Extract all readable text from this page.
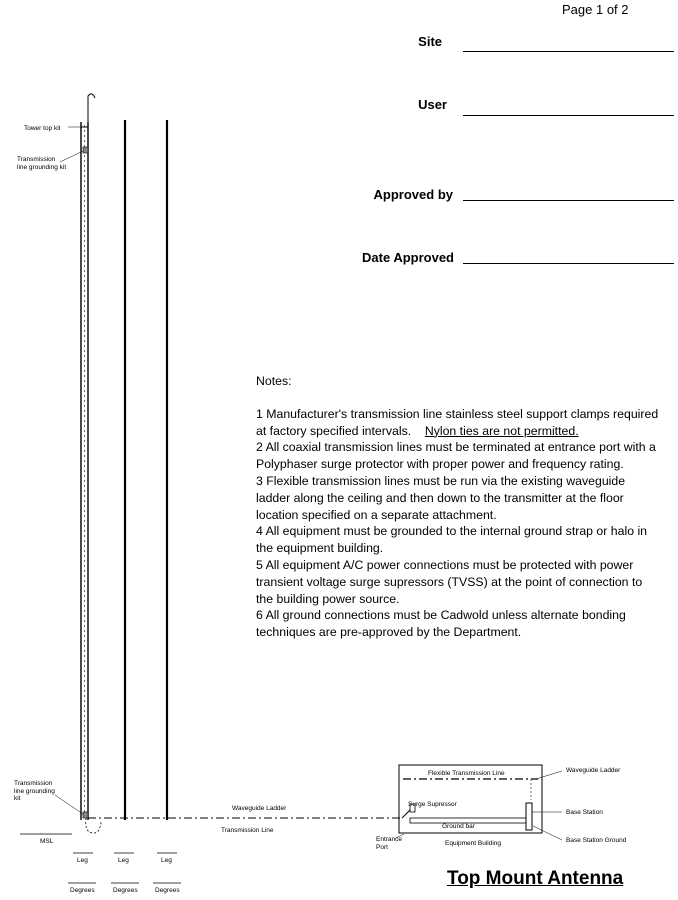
Page 1 of 2
Site
User
Approved by
Date Approved
Tower top kit
Transmission line grounding kit
Transmission line grounding kit
MSL
Leg	Leg	Leg
Degrees	Degrees	Degrees
Waveguide Ladder
Transmission Line
Flexible Transmission Line	Waveguide Ladder
Surge Supressor
Ground bar
Entrance Port	Equipment Building
Base Station
Base Station Ground

Notes:

1 Manufacturer's transmission line stainless steel support clamps required at factory specified intervals. Nylon ties are not permitted.

2 All coaxial transmission lines must be terminated at entrance port with a Polyphaser surge protector with proper power and frequency rating.

3 Flexible transmission lines must be run via the existing waveguide ladder along the ceiling and then down to the transmitter at the floor location specified on a separate attachment.

4 All equipment must be grounded to the internal ground strap or halo in the equipment building.

5 All equipment A/C power connections must be protected with power transient voltage surge supressors (TVSS) at the point of connection to the building power source.

6 All ground connections must be Cadwold unless alternate bonding techniques are pre-approved by the Department.

Top Mount Antenna
